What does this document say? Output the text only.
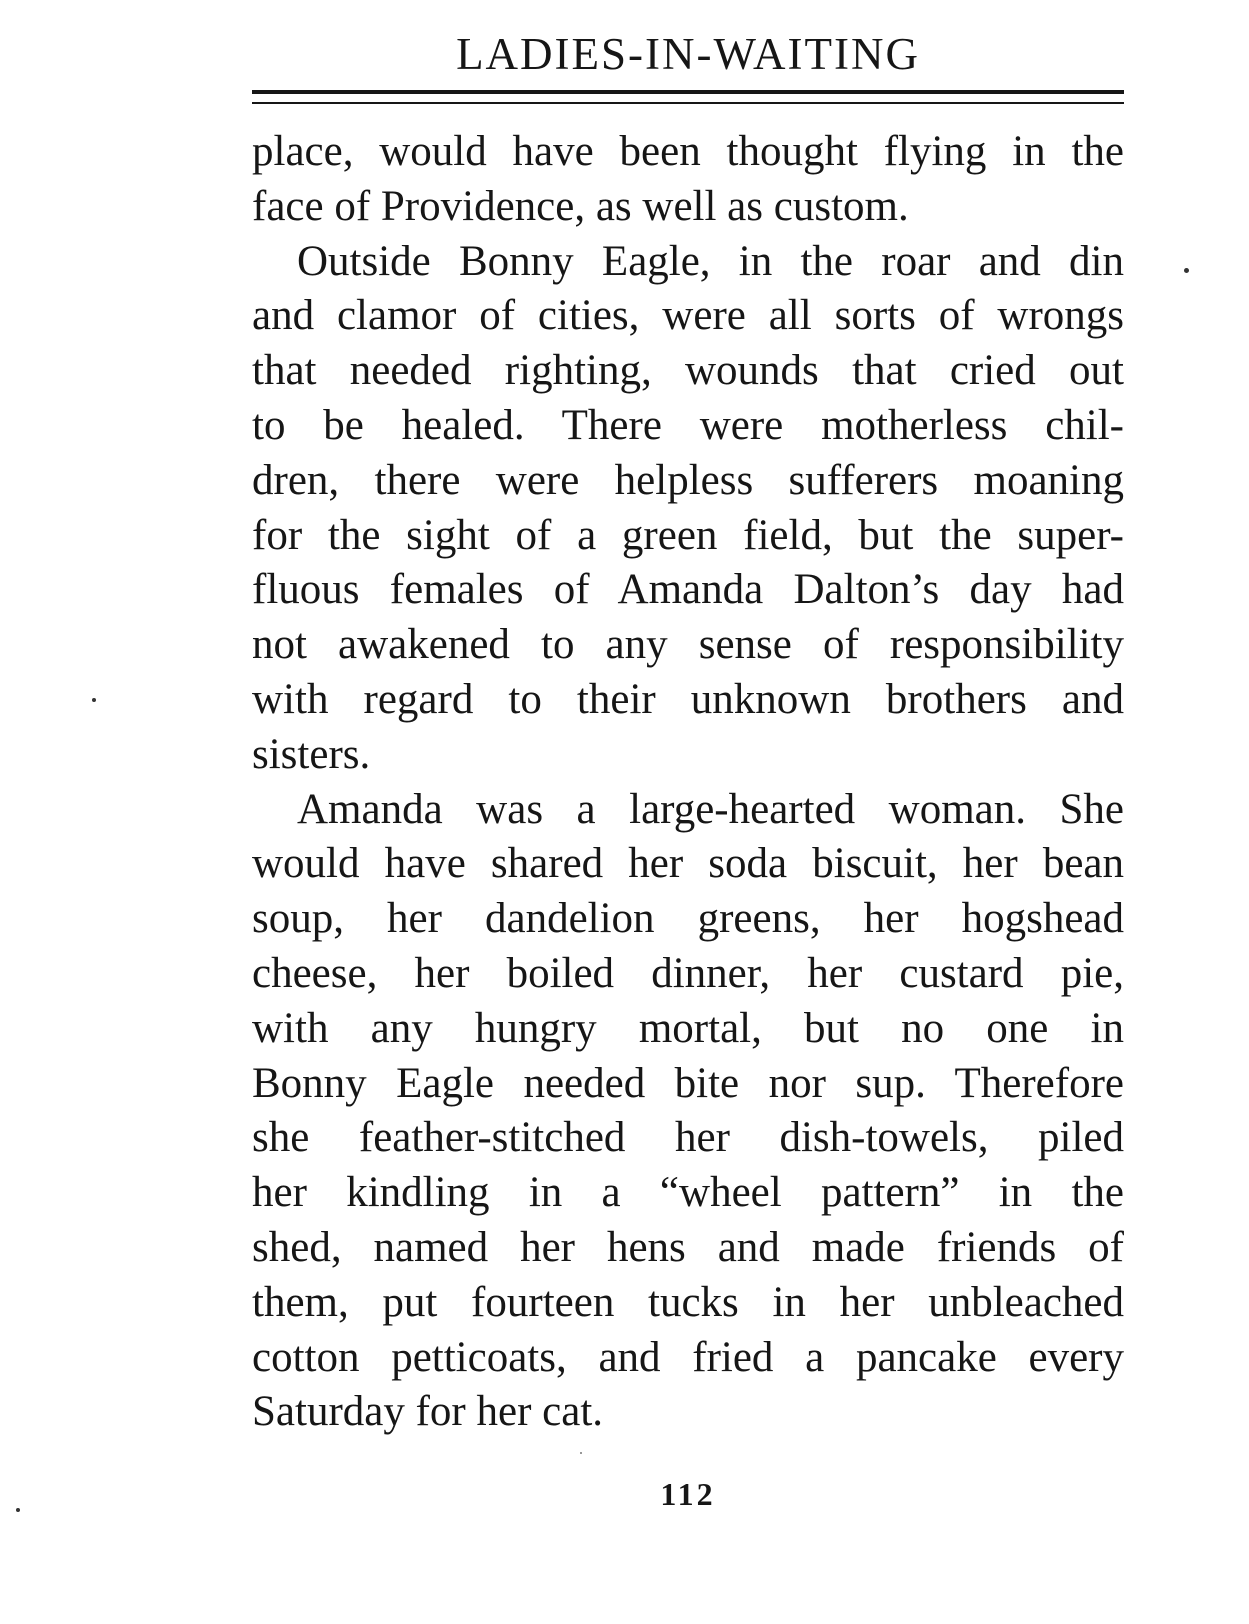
LADIES-IN-WAITING
place, would have been thought flying in the
face of Providence, as well as custom.
Outside Bonny Eagle, in the roar and din
and clamor of cities, were all sorts of wrongs
that needed righting, wounds that cried out
to be healed. There were motherless chil-
dren, there were helpless sufferers moaning
for the sight of a green field, but the super-
fluous females of Amanda Dalton’s day had
not awakened to any sense of responsibility
with regard to their unknown brothers and
sisters.
Amanda was a large-hearted woman. She
would have shared her soda biscuit, her bean
soup, her dandelion greens, her hogshead
cheese, her boiled dinner, her custard pie,
with any hungry mortal, but no one in
Bonny Eagle needed bite nor sup. Therefore
she feather-stitched her dish-towels, piled
her kindling in a “wheel pattern” in the
shed, named her hens and made friends of
them, put fourteen tucks in her unbleached
cotton petticoats, and fried a pancake every
Saturday for her cat.
112
